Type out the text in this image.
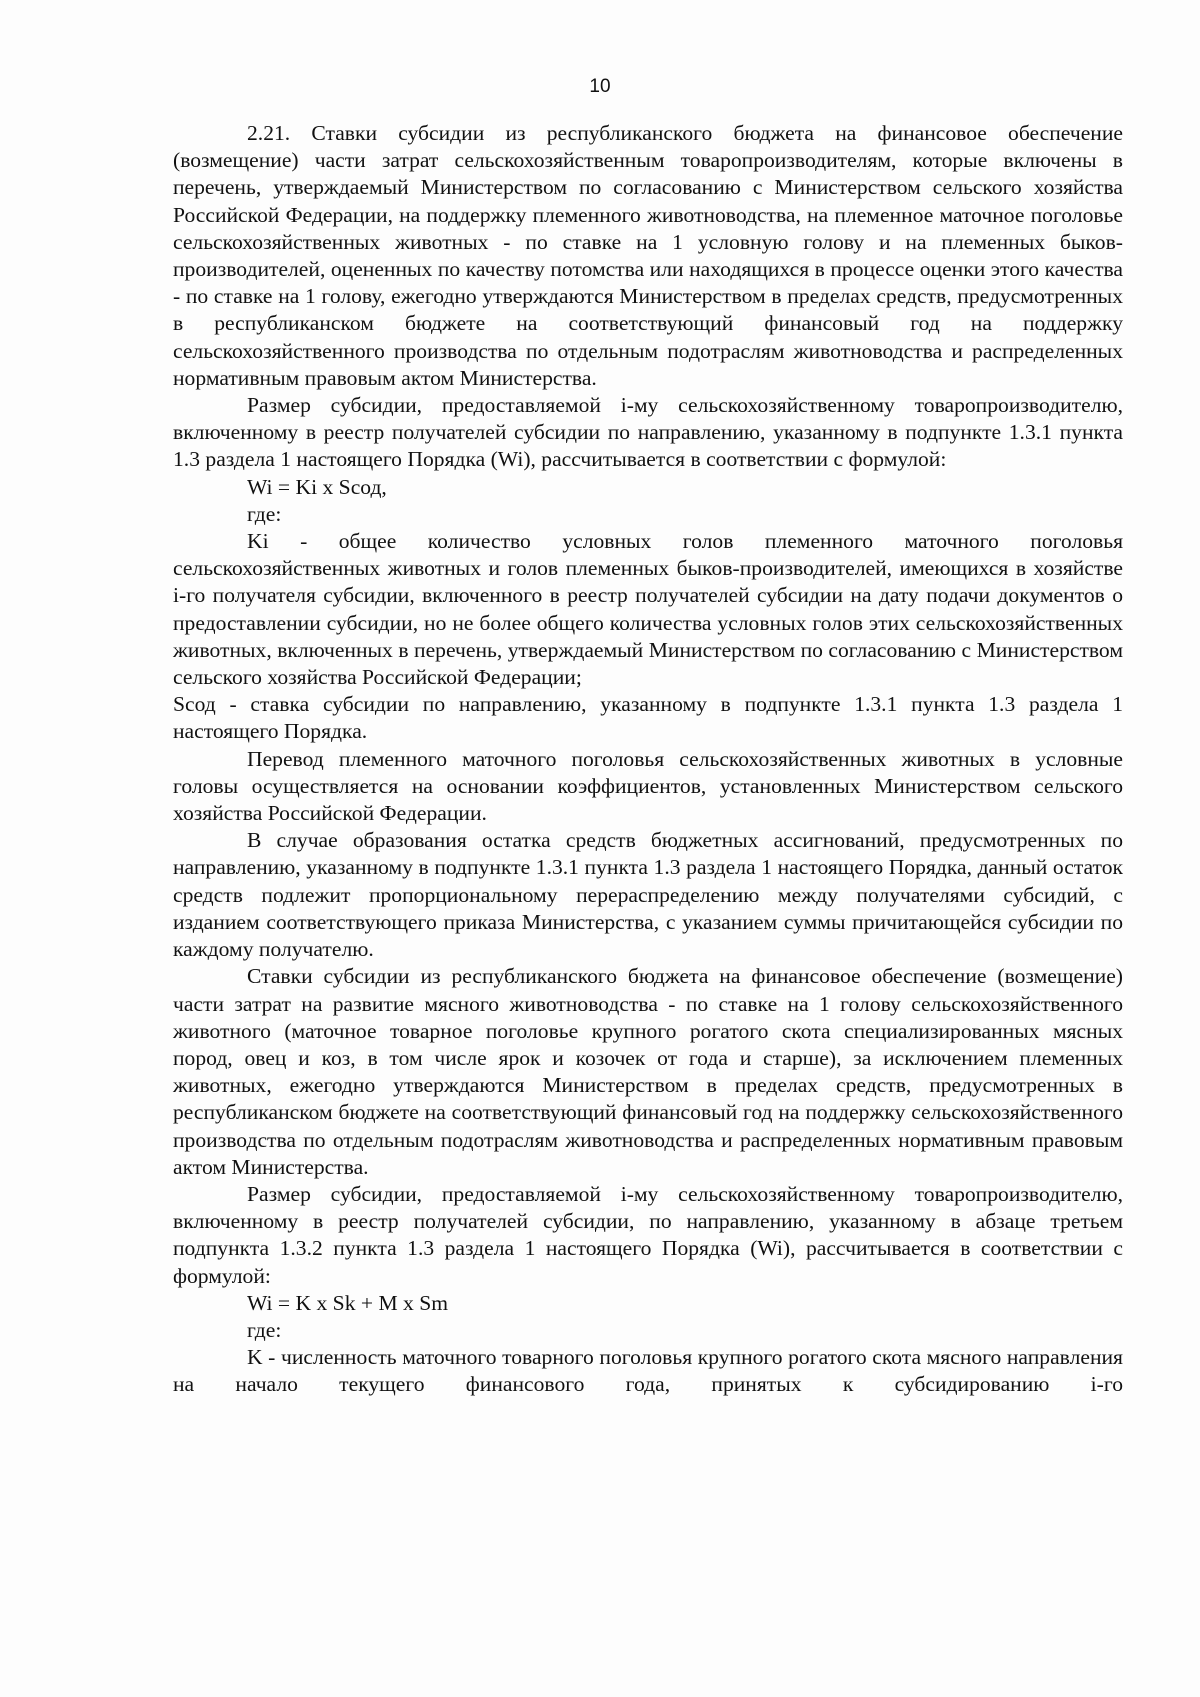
10

2.21. Ставки субсидии из республиканского бюджета на финансовое обеспечение (возмещение) части затрат сельскохозяйственным товаропроизводителям, которые включены в перечень, утверждаемый Министерством по согласованию с Министерством сельского хозяйства Российской Федерации, на поддержку племенного животноводства, на племенное маточное поголовье сельскохозяйственных животных - по ставке на 1 условную голову и на племенных быков-производителей, оцененных по качеству потомства или находящихся в процессе оценки этого качества - по ставке на 1 голову, ежегодно утверждаются Министерством в пределах средств, предусмотренных в республиканском бюджете на соответствующий финансовый год на поддержку сельскохозяйственного производства по отдельным подотраслям животноводства и распределенных нормативным правовым актом Министерства.

Размер субсидии, предоставляемой i-му сельскохозяйственному товаропроизводителю, включенному в реестр получателей субсидии по направлению, указанному в подпункте 1.3.1 пункта 1.3 раздела 1 настоящего Порядка (Wi), рассчитывается в соответствии с формулой:

Wi = Ki x Sсод,

где:

Ki - общее количество условных голов племенного маточного поголовья сельскохозяйственных животных и голов племенных быков-производителей, имеющихся в хозяйстве i-го получателя субсидии, включенного в реестр получателей субсидии на дату подачи документов о предоставлении субсидии, но не более общего количества условных голов этих сельскохозяйственных животных, включенных в перечень, утверждаемый Министерством по согласованию с Министерством сельского хозяйства Российской Федерации;

Sсод - ставка субсидии по направлению, указанному в подпункте 1.3.1 пункта 1.3 раздела 1 настоящего Порядка.

Перевод племенного маточного поголовья сельскохозяйственных животных в условные головы осуществляется на основании коэффициентов, установленных Министерством сельского хозяйства Российской Федерации.

В случае образования остатка средств бюджетных ассигнований, предусмотренных по направлению, указанному в подпункте 1.3.1 пункта 1.3 раздела 1 настоящего Порядка, данный остаток средств подлежит пропорциональному перераспределению между получателями субсидий, с изданием соответствующего приказа Министерства, с указанием суммы причитающейся субсидии по каждому получателю.

Ставки субсидии из республиканского бюджета на финансовое обеспечение (возмещение) части затрат на развитие мясного животноводства - по ставке на 1 голову сельскохозяйственного животного (маточное товарное поголовье крупного рогатого скота специализированных мясных пород, овец и коз, в том числе ярок и козочек от года и старше), за исключением племенных животных, ежегодно утверждаются Министерством в пределах средств, предусмотренных в республиканском бюджете на соответствующий финансовый год на поддержку сельскохозяйственного производства по отдельным подотраслям животноводства и распределенных нормативным правовым актом Министерства.

Размер субсидии, предоставляемой i-му сельскохозяйственному товаропроизводителю, включенному в реестр получателей субсидии, по направлению, указанному в абзаце третьем подпункта 1.3.2 пункта 1.3 раздела 1 настоящего Порядка (Wi), рассчитывается в соответствии с формулой:

Wi = K x Sk + M x Sm

где:

K - численность маточного товарного поголовья крупного рогатого скота мясного направления на начало текущего финансового года, принятых к субсидированию i-го
